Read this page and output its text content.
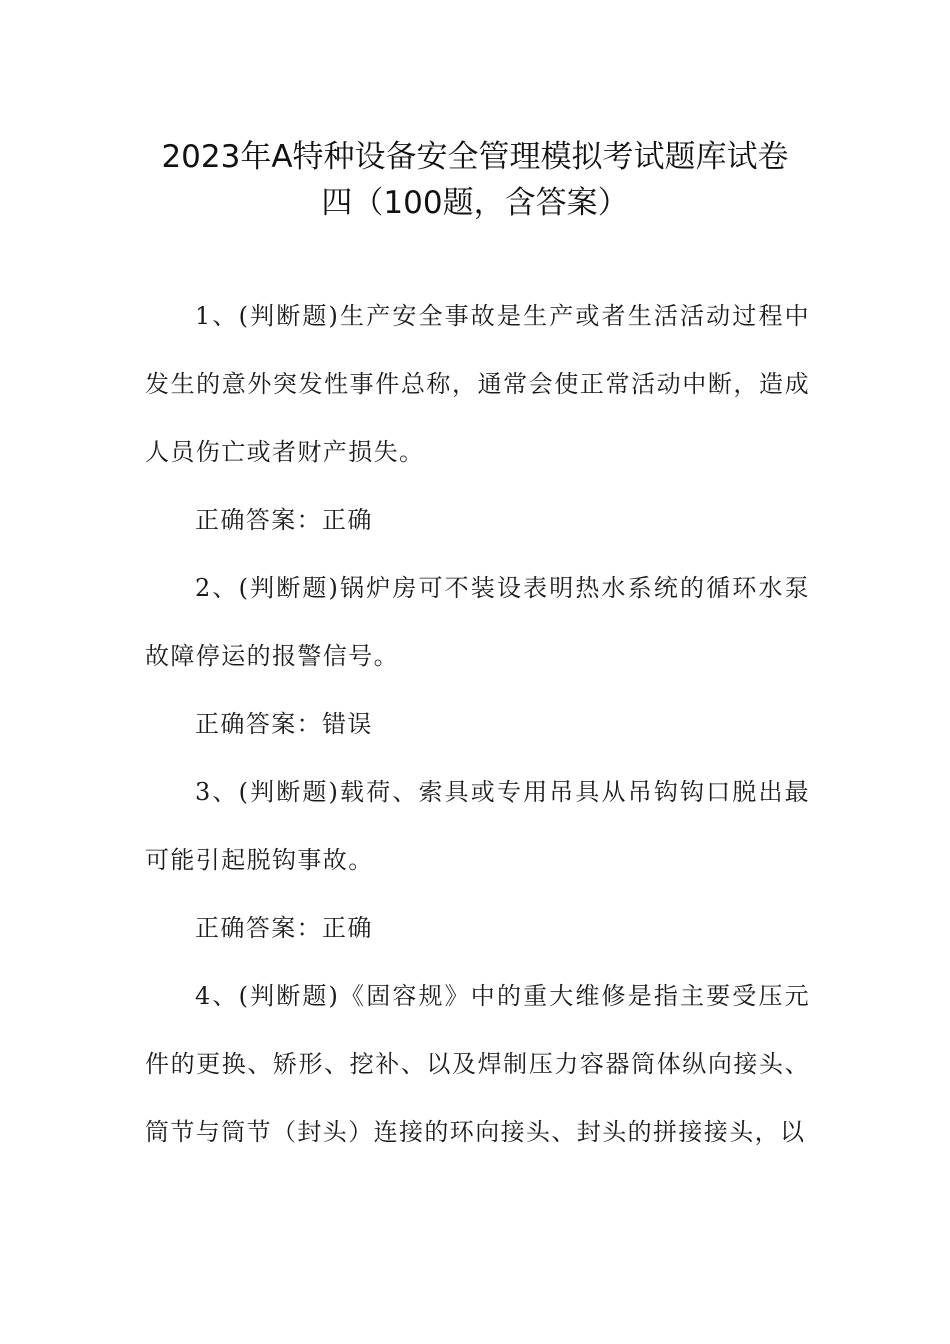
2023年A特种设备安全管理模拟考试题库试卷
四（100题，含答案）

1、(判断题)生产安全事故是生产或者生活活动过程中发生的意外突发性事件总称，通常会使正常活动中断，造成人员伤亡或者财产损失。

正确答案：正确

2、(判断题)锅炉房可不装设表明热水系统的循环水泵故障停运的报警信号。

正确答案：错误

3、(判断题)载荷、索具或专用吊具从吊钩钩口脱出最可能引起脱钩事故。

正确答案：正确

4、(判断题)《固容规》中的重大维修是指主要受压元件的更换、矫形、挖补、以及焊制压力容器筒体纵向接头、筒节与筒节（封头）连接的环向接头、封头的拼接接头，以
